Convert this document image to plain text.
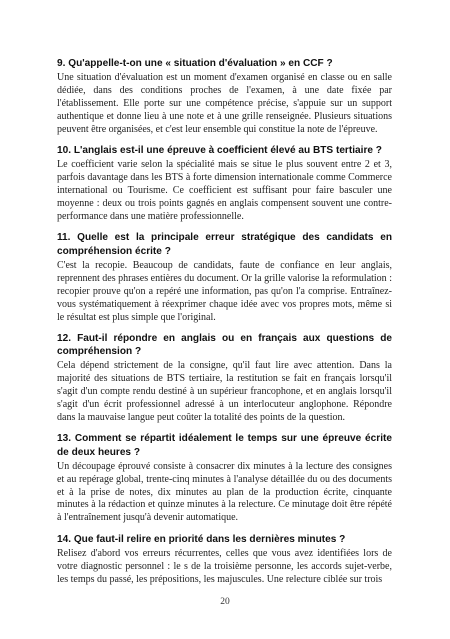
9. Qu'appelle-t-on une « situation d'évaluation » en CCF ?

Une situation d'évaluation est un moment d'examen organisé en classe ou en salle dédiée, dans des conditions proches de l'examen, à une date fixée par l'établissement. Elle porte sur une compétence précise, s'appuie sur un support authentique et donne lieu à une note et à une grille renseignée. Plusieurs situations peuvent être organisées, et c'est leur ensemble qui constitue la note de l'épreuve.

10. L'anglais est-il une épreuve à coefficient élevé au BTS tertiaire ?

Le coefficient varie selon la spécialité mais se situe le plus souvent entre 2 et 3, parfois davantage dans les BTS à forte dimension internationale comme Commerce international ou Tourisme. Ce coefficient est suffisant pour faire basculer une moyenne : deux ou trois points gagnés en anglais compensent souvent une contre-performance dans une matière professionnelle.

11. Quelle est la principale erreur stratégique des candidats en compréhension écrite ?

C'est la recopie. Beaucoup de candidats, faute de confiance en leur anglais, reprennent des phrases entières du document. Or la grille valorise la reformulation : recopier prouve qu'on a repéré une information, pas qu'on l'a comprise. Entraînez-vous systématiquement à réexprimer chaque idée avec vos propres mots, même si le résultat est plus simple que l'original.

12. Faut-il répondre en anglais ou en français aux questions de compréhension ?

Cela dépend strictement de la consigne, qu'il faut lire avec attention. Dans la majorité des situations de BTS tertiaire, la restitution se fait en français lorsqu'il s'agit d'un compte rendu destiné à un supérieur francophone, et en anglais lorsqu'il s'agit d'un écrit professionnel adressé à un interlocuteur anglophone. Répondre dans la mauvaise langue peut coûter la totalité des points de la question.

13. Comment se répartit idéalement le temps sur une épreuve écrite de deux heures ?

Un découpage éprouvé consiste à consacrer dix minutes à la lecture des consignes et au repérage global, trente-cinq minutes à l'analyse détaillée du ou des documents et à la prise de notes, dix minutes au plan de la production écrite, cinquante minutes à la rédaction et quinze minutes à la relecture. Ce minutage doit être répété à l'entraînement jusqu'à devenir automatique.

14. Que faut-il relire en priorité dans les dernières minutes ?

Relisez d'abord vos erreurs récurrentes, celles que vous avez identifiées lors de votre diagnostic personnel : le s de la troisième personne, les accords sujet-verbe, les temps du passé, les prépositions, les majuscules. Une relecture ciblée sur trois

20
